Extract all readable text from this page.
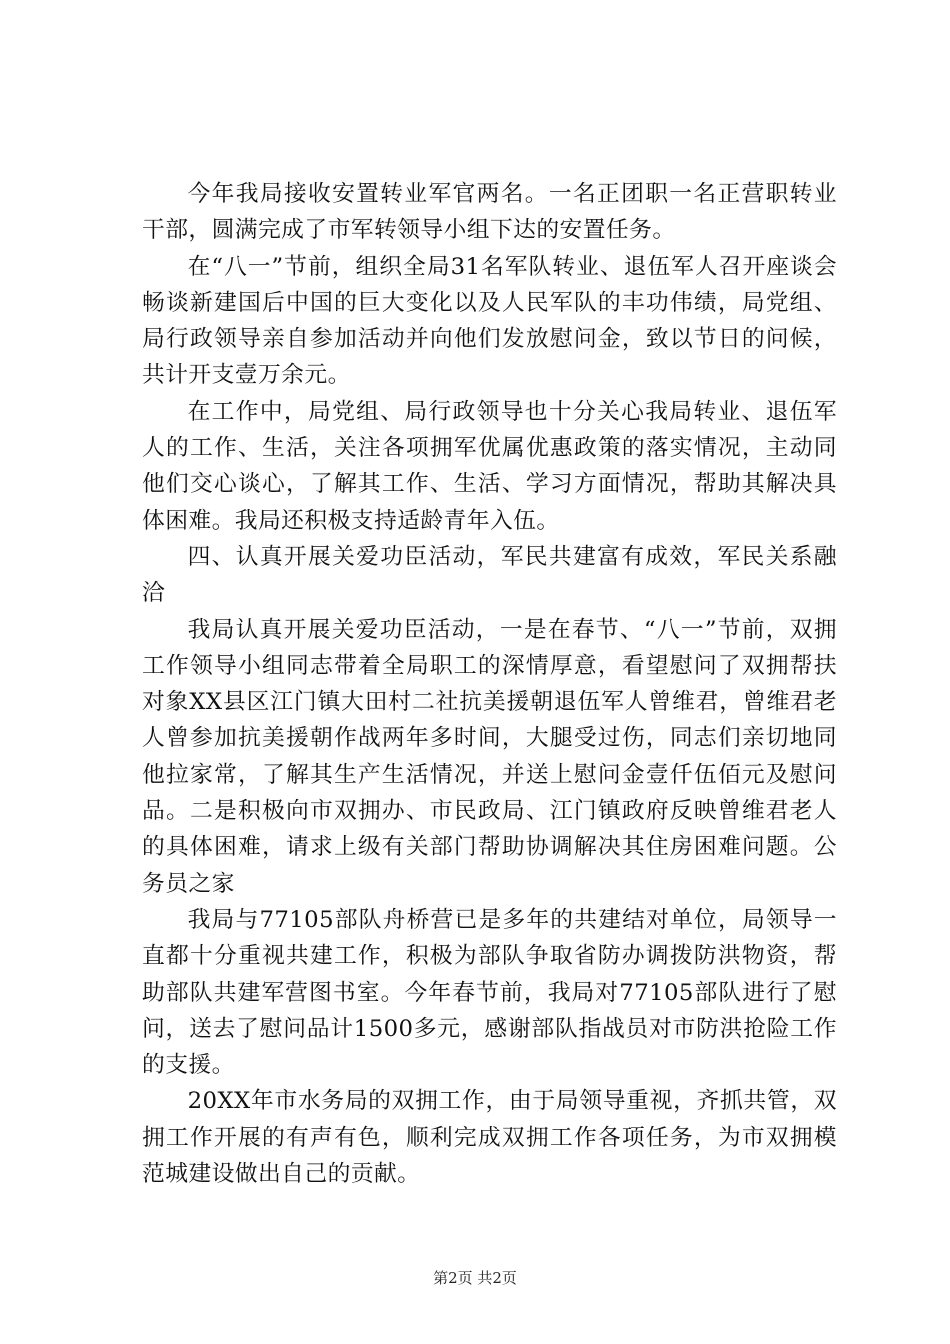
今年我局接收安置转业军官两名。一名正团职一名正营职转业干部，圆满完成了市军转领导小组下达的安置任务。

在“八一”节前，组织全局31名军队转业、退伍军人召开座谈会畅谈新建国后中国的巨大变化以及人民军队的丰功伟绩，局党组、局行政领导亲自参加活动并向他们发放慰问金，致以节日的问候，共计开支壹万余元。

在工作中，局党组、局行政领导也十分关心我局转业、退伍军人的工作、生活，关注各项拥军优属优惠政策的落实情况，主动同他们交心谈心，了解其工作、生活、学习方面情况，帮助其解决具体困难。我局还积极支持适龄青年入伍。

四、认真开展关爱功臣活动，军民共建富有成效，军民关系融洽

我局认真开展关爱功臣活动，一是在春节、“八一”节前，双拥工作领导小组同志带着全局职工的深情厚意，看望慰问了双拥帮扶对象XX县区江门镇大田村二社抗美援朝退伍军人曾维君，曾维君老人曾参加抗美援朝作战两年多时间，大腿受过伤，同志们亲切地同他拉家常，了解其生产生活情况，并送上慰问金壹仟伍佰元及慰问品。二是积极向市双拥办、市民政局、江门镇政府反映曾维君老人的具体困难，请求上级有关部门帮助协调解决其住房困难问题。公务员之家

我局与77105部队舟桥营已是多年的共建结对单位，局领导一直都十分重视共建工作，积极为部队争取省防办调拨防洪物资，帮助部队共建军营图书室。今年春节前，我局对77105部队进行了慰问，送去了慰问品计1500多元，感谢部队指战员对市防洪抢险工作的支援。

20XX年市水务局的双拥工作，由于局领导重视，齐抓共管，双拥工作开展的有声有色，顺利完成双拥工作各项任务，为市双拥模范城建设做出自己的贡献。

第2页 共2页
